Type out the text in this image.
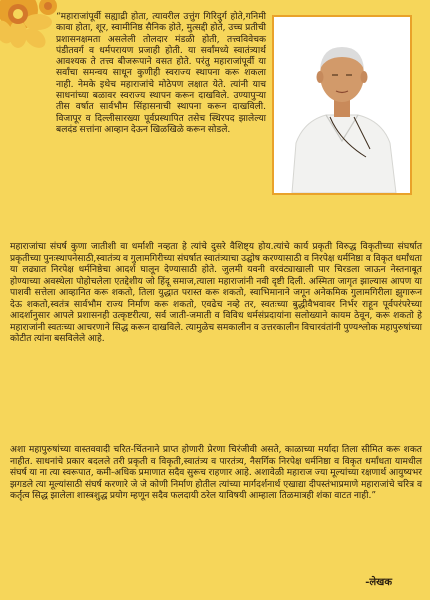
“महाराजांपूर्वी सह्याद्री होता, त्यावरील उत्तुंग गिरिदुर्ग होते,गनिमी कावा होता, शूर, स्वामीनिष्ठ सैनिक होते, मुत्सद्दी होते, उच्च प्रतीची प्रशासनक्षमता असलेली तोलदार मंडळी होती, तत्त्वविवेचक पंडीतवर्ग व धर्मपरायण प्रजाही होती. या सर्वांमध्ये स्वातंत्र्यार्थ आवश्यक ते तत्त्व बीजरूपाने वसत होते. परंतु महाराजांपूर्वी या सर्वांचा समन्वय साधून कुणीही स्वराज्य स्थापना करू शकला नाही. नेमके इथेच महाराजांचे मोठेपण लक्षात येते. त्यांनी याच साधनांच्या बळावर स्वराज्य स्थापन करून दाखविले. उण्यापुऱ्या तीस वर्षात सार्वभौम सिंहासनाची स्थापना करून दाखविली. विजापूर व दिल्लीसारख्या पूर्वप्रस्थापित तसेच स्थिरपद झालेल्या बलदंड सत्तांना आव्हान देऊन खिळखिळे करून सोडले.

महाराजांचा संघर्ष कुणा जातीशी वा धर्माशी नव्हता हे त्यांचे दुसरे वैशिष्ट्य होय.त्यांचे कार्य प्रकृती विरुद्ध विकृतीच्या संघर्षात प्रकृतीच्या पुनःस्थापनेसाठी,स्वातंत्र्य व गुलामगिरीच्या संघर्षात स्वातंत्र्याचा उद्घोष करण्यासाठी व निरपेक्ष धर्मनिष्ठा व विकृत धर्मांधता या लढ्यात निरपेक्ष धर्मनिष्ठेचा आदर्श घालून देण्यासाठी होते. जुलमी यवनी वरवंट्याखाली पार चिरडला जाऊन नेस्तनाबूत होण्याच्या अवस्थेला पोहोचलेला एतद्देशीय जो हिंदू समाज,त्याला महाराजांनी नवी दृष्टी दिली. अस्मिता जागृत झाल्यास आपण या पाशवी सत्तेला आव्हानित करू शकतो, तिला युद्धात परास्त करू शकतो, स्वाभिमानाने जगून अनेकमिक गुलामगिरीला झुगारून देऊ शकतो,स्वतंत्र सार्वभौम राज्य निर्माण करू शकतो, एवढेच नव्हे तर, स्वतःच्या बुद्धीवैभवावर निर्भर राहून पूर्वपरंपरेच्या आदर्शानुसार आपले प्रशासनही उत्कृष्टरीत्या, सर्व जाती-जमाती व विविध धर्मसंप्रदायांना सलोख्याने कायम ठेवून, करू शकतो हे महाराजांनी स्वतःच्या आचरणाने सिद्ध करून दाखविले. त्यामुळेच समकालीन व उत्तरकालीन विचारवंतांनी पुण्यश्लोक महापुरुषांच्या कोटीत त्यांना बसविलेले आहे.

अशा महापुरुषांच्या वास्तववादी चरित-चिंतनाने प्राप्त होणारी प्रेरणा चिरंजीवी असते, काळाच्या मर्यादा तिला सीमित करू शकत नाहीत. साधनांचे प्रकार बदलले तरी प्रकृती व विकृती,स्वातंत्र्य व पारतंत्र्य, नैसर्गिक निरपेक्ष धर्मनिष्ठा व विकृत धर्मांधता यामधील संघर्ष या ना त्या स्वरूपात, कमी-अधिक प्रमाणात सदैव सुरूच राहणार आहे. अशावेळी महाराज ज्या मूल्यांच्या रक्षणार्थ आयुष्यभर झगडले त्या मूल्यांसाठी संघर्ष करणारे जे जे कोणी निर्माण होतील त्यांच्या मार्गदर्शनार्थ एखाद्या दीपस्तंभाप्रमाणे महाराजांचे चरित्र व कर्तृत्व सिद्ध झालेला शास्त्रशुद्ध प्रयोग म्हणून सदैव फलदायी ठरेल याविषयी आम्हाला तिळमात्रही शंका वाटत नाही.”

-लेखक
